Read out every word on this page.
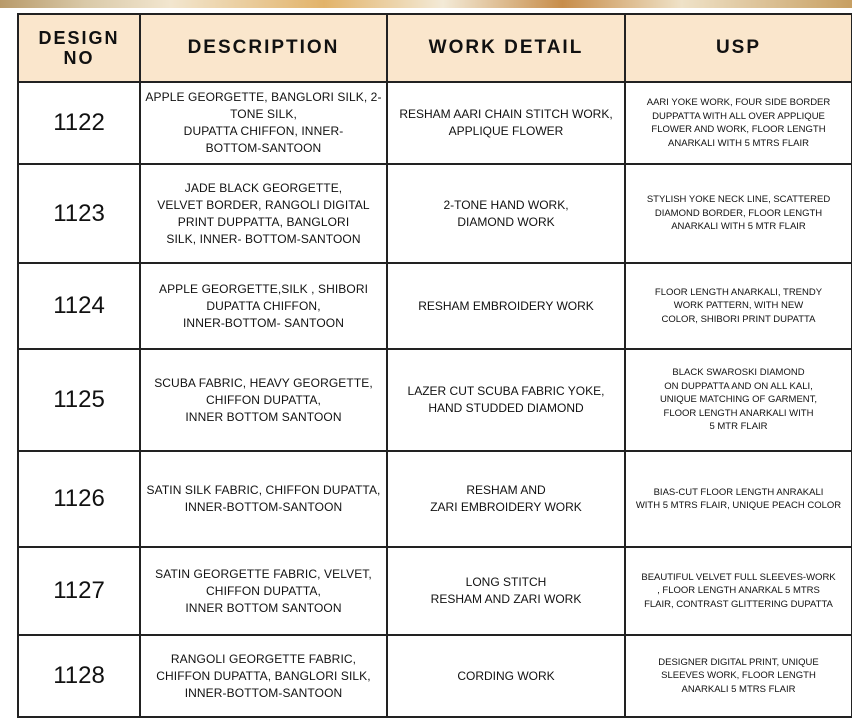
DESIGN
NO	DESCRIPTION	WORK DETAIL	USP
1122	APPLE GEORGETTE, BANGLORI SILK, 2-
TONE SILK,
DUPATTA CHIFFON, INNER-
BOTTOM-SANTOON	RESHAM AARI CHAIN STITCH WORK,
APPLIQUE FLOWER	AARI YOKE WORK, FOUR SIDE BORDER
DUPPATTA WITH ALL OVER APPLIQUE
FLOWER AND WORK, FLOOR LENGTH
ANARKALI WITH 5 MTRS FLAIR
1123	JADE BLACK GEORGETTE,
VELVET BORDER, RANGOLI DIGITAL
PRINT DUPPATTA, BANGLORI
SILK, INNER- BOTTOM-SANTOON	2-TONE HAND WORK,
DIAMOND WORK	STYLISH YOKE NECK LINE, SCATTERED
DIAMOND BORDER, FLOOR LENGTH
ANARKALI WITH 5 MTR FLAIR
1124	APPLE GEORGETTE,SILK , SHIBORI
DUPATTA CHIFFON,
INNER-BOTTOM- SANTOON	RESHAM EMBROIDERY WORK	FLOOR LENGTH ANARKALI, TRENDY
WORK PATTERN, WITH NEW
COLOR, SHIBORI PRINT DUPATTA
1125	SCUBA FABRIC, HEAVY GEORGETTE,
CHIFFON DUPATTA,
INNER BOTTOM SANTOON	LAZER CUT SCUBA FABRIC YOKE,
HAND STUDDED DIAMOND	BLACK SWAROSKI DIAMOND
ON DUPPATTA AND ON ALL KALI,
UNIQUE MATCHING OF GARMENT,
FLOOR LENGTH ANARKALI WITH
5 MTR FLAIR
1126	SATIN SILK FABRIC, CHIFFON DUPATTA,
INNER-BOTTOM-SANTOON	RESHAM AND
ZARI EMBROIDERY WORK	BIAS-CUT FLOOR LENGTH ANRAKALI
WITH 5 MTRS FLAIR, UNIQUE PEACH COLOR
1127	SATIN GEORGETTE FABRIC, VELVET,
CHIFFON DUPATTA,
INNER BOTTOM SANTOON	LONG STITCH
RESHAM AND ZARI WORK	BEAUTIFUL VELVET FULL SLEEVES-WORK
, FLOOR LENGTH ANARKAL 5 MTRS
FLAIR, CONTRAST GLITTERING DUPATTA
1128	RANGOLI GEORGETTE FABRIC,
CHIFFON DUPATTA, BANGLORI SILK,
INNER-BOTTOM-SANTOON	CORDING WORK	DESIGNER DIGITAL PRINT, UNIQUE
SLEEVES WORK, FLOOR LENGTH
ANARKALI 5 MTRS FLAIR
